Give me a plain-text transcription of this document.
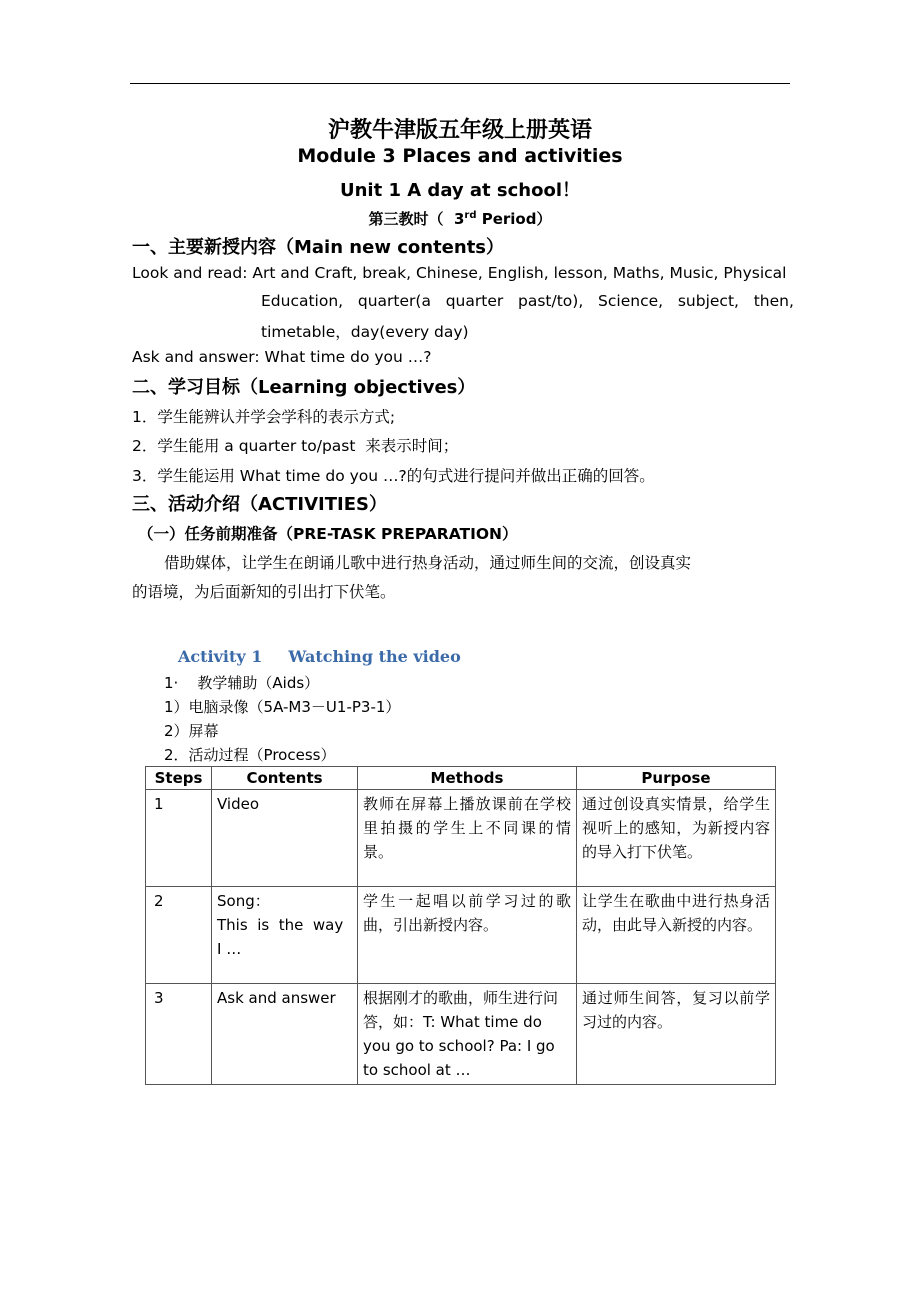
沪教牛津版五年级上册英语
Module 3 Places and activities
Unit 1 A day at school！
第三教时（ 3rd Period）
一、主要新授内容（Main new contents）
Look and read: Art and Craft, break, Chinese, English, lesson, Maths, Music, Physical
Education,   quarter(a   quarter   past/to),   Science,   subject,   then,
timetable，day(every day)
Ask and answer: What time do you …?
二、学习目标（Learning objectives）
1．学生能辨认并学会学科的表示方式;
2．学生能用 a quarter to/past  来表示时间；
3．学生能运用 What time do you …?的句式进行提问并做出正确的回答。
三、活动介绍（ACTIVITIES）
（一）任务前期准备（PRE-TASK PREPARATION）
借助媒体，让学生在朗诵儿歌中进行热身活动，通过师生间的交流，创设真实
的语境，为后面新知的引出打下伏笔。
Activity 1 Watching the video
1·    教学辅助（Aids）
1）电脑录像（5A-M3－U1-P3-1）
2）屏幕
2．活动过程（Process）
Steps	Contents	Methods	Purpose
1	Video	教师在屏幕上播放课前在学校里拍摄的学生上不同课的情景。	通过创设真实情景，给学生视听上的感知，为新授内容的导入打下伏笔。
2	Song：
This  is  the  way
I …	学生一起唱以前学习过的歌曲，引出新授内容。	让学生在歌曲中进行热身活动，由此导入新授的内容。
3	Ask and answer	根据刚才的歌曲，师生进行问答，如：T: What time do you go to school? Pa: I go to school at …	通过师生间答，复习以前学习过的内容。
